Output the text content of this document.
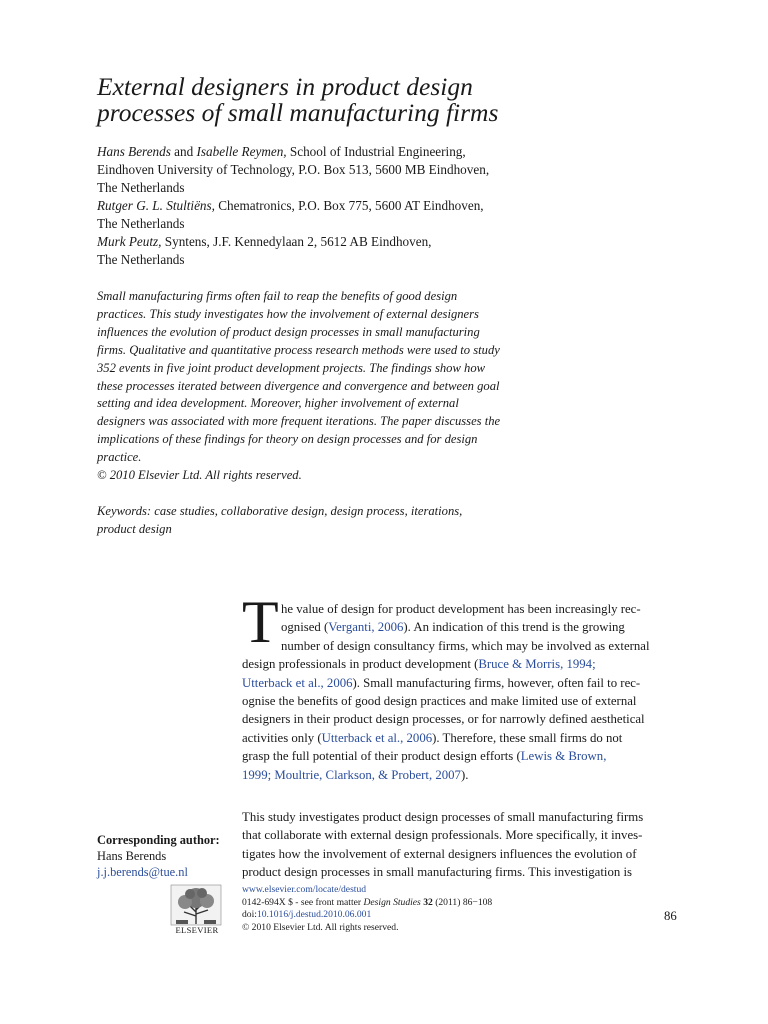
External designers in product design
processes of small manufacturing firms
Hans Berends and Isabelle Reymen, School of Industrial Engineering,
Eindhoven University of Technology, P.O. Box 513, 5600 MB Eindhoven,
The Netherlands
Rutger G. L. Stultiëns, Chematronics, P.O. Box 775, 5600 AT Eindhoven,
The Netherlands
Murk Peutz, Syntens, J.F. Kennedylaan 2, 5612 AB Eindhoven,
The Netherlands
Small manufacturing firms often fail to reap the benefits of good design
practices. This study investigates how the involvement of external designers
influences the evolution of product design processes in small manufacturing
firms. Qualitative and quantitative process research methods were used to study
352 events in five joint product development projects. The findings show how
these processes iterated between divergence and convergence and between goal
setting and idea development. Moreover, higher involvement of external
designers was associated with more frequent iterations. The paper discusses the
implications of these findings for theory on design processes and for design
practice.
© 2010 Elsevier Ltd. All rights reserved.
Keywords: case studies, collaborative design, design process, iterations,
product design
T he value of design for product development has been increasingly rec-
ognised (Verganti, 2006). An indication of this trend is the growing
number of design consultancy firms, which may be involved as external
design professionals in product development (Bruce & Morris, 1994;
Utterback et al., 2006). Small manufacturing firms, however, often fail to rec-
ognise the benefits of good design practices and make limited use of external
designers in their product design processes, or for narrowly defined aesthetical
activities only (Utterback et al., 2006). Therefore, these small firms do not
grasp the full potential of their product design efforts (Lewis & Brown,
1999; Moultrie, Clarkson, & Probert, 2007).
This study investigates product design processes of small manufacturing firms
that collaborate with external design professionals. More specifically, it inves-
tigates how the involvement of external designers influences the evolution of
product design processes in small manufacturing firms. This investigation is
Corresponding author:
Hans Berends
j.j.berends@tue.nl
ELSEVIER
www.elsevier.com/locate/destud
0142-694X $ - see front matter Design Studies 32 (2011) 86−108
doi:10.1016/j.destud.2010.06.001
© 2010 Elsevier Ltd. All rights reserved.
86
